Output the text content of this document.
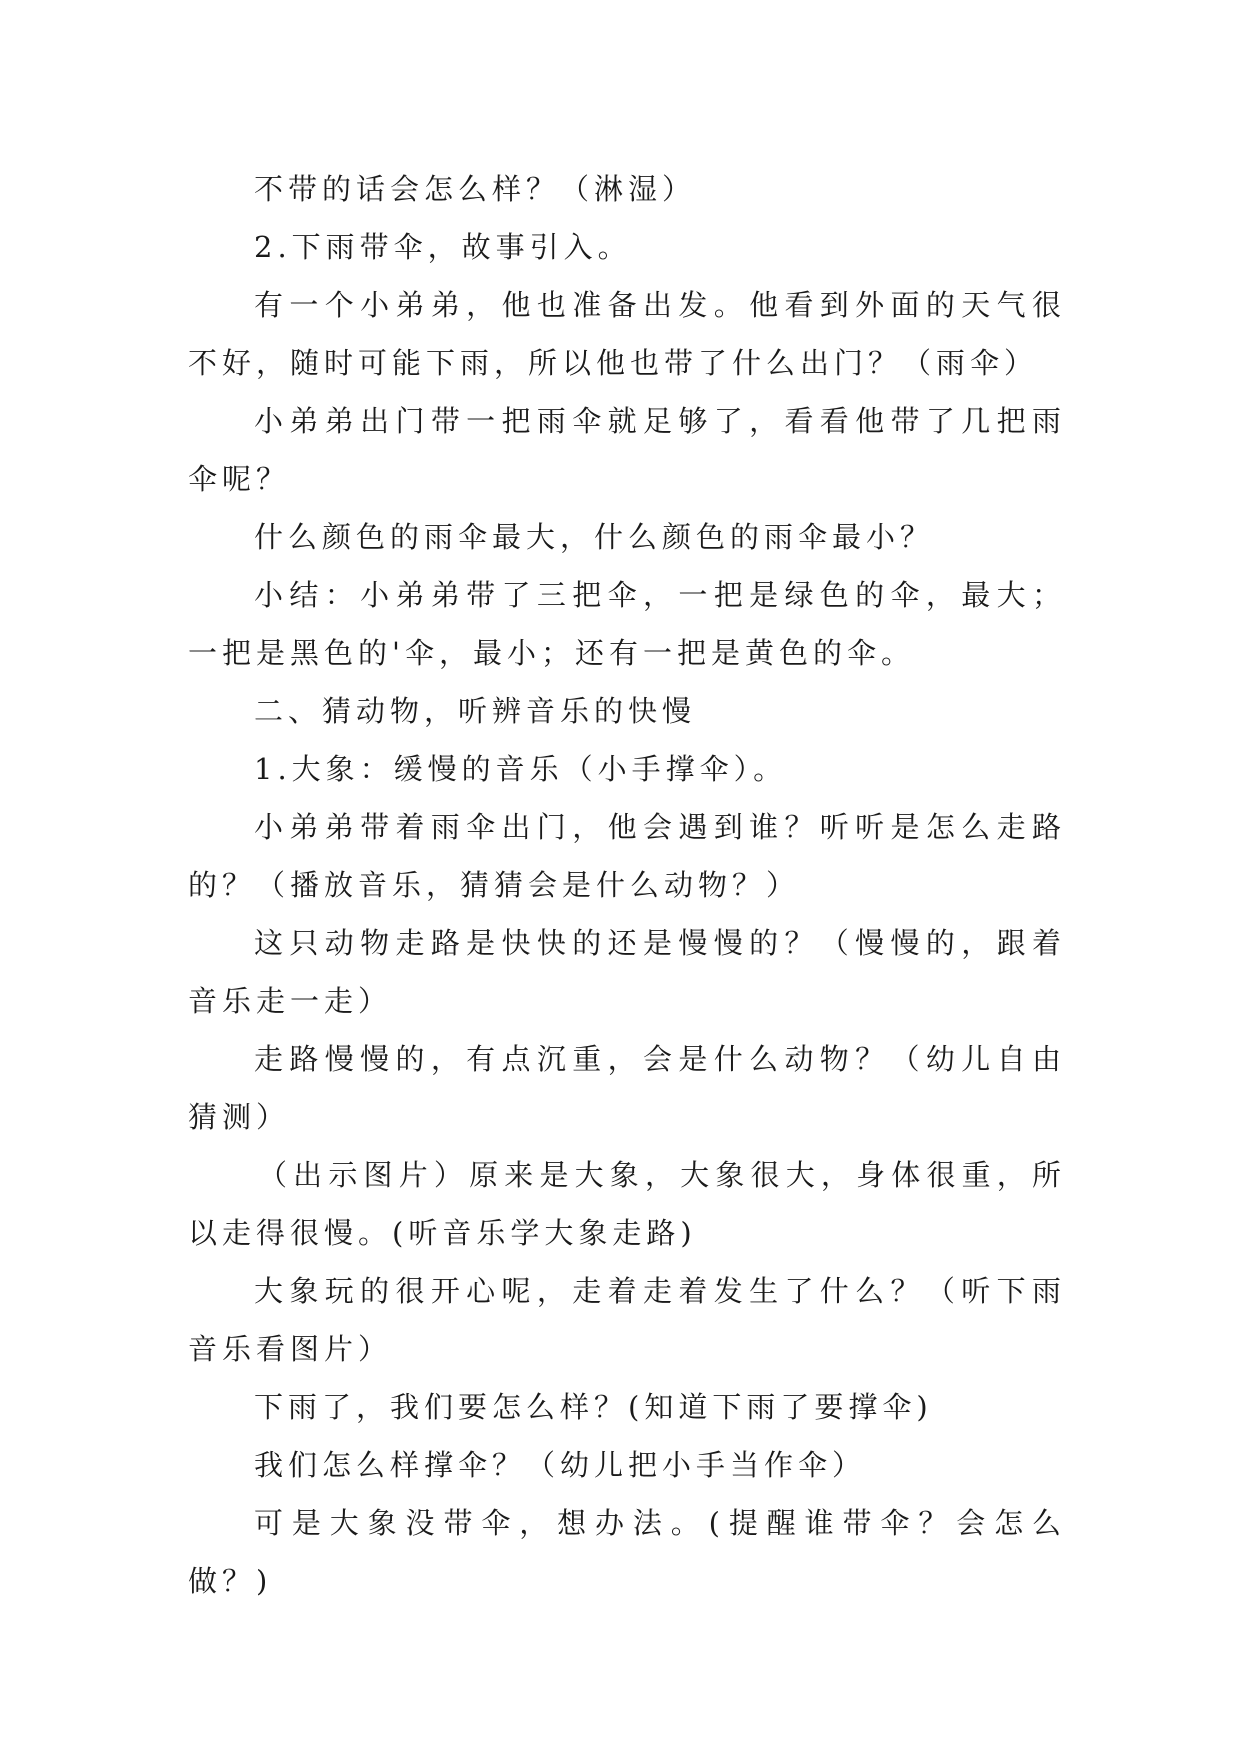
不带的话会怎么样？（淋湿）

2.下雨带伞，故事引入。

有一个小弟弟，他也准备出发。他看到外面的天气很不好，随时可能下雨，所以他也带了什么出门？（雨伞）

小弟弟出门带一把雨伞就足够了，看看他带了几把雨伞呢？

什么颜色的雨伞最大，什么颜色的雨伞最小？

小结：小弟弟带了三把伞，一把是绿色的伞，最大；一把是黑色的'伞，最小；还有一把是黄色的伞。

二、猜动物，听辨音乐的快慢

1.大象：缓慢的音乐（小手撑伞）。

小弟弟带着雨伞出门，他会遇到谁？听听是怎么走路的？（播放音乐，猜猜会是什么动物？）

这只动物走路是快快的还是慢慢的？（慢慢的，跟着音乐走一走）

走路慢慢的，有点沉重，会是什么动物？（幼儿自由猜测）

（出示图片）原来是大象，大象很大，身体很重，所以走得很慢。(听音乐学大象走路)

大象玩的很开心呢，走着走着发生了什么？（听下雨音乐看图片）

下雨了，我们要怎么样？(知道下雨了要撑伞)

我们怎么样撑伞？（幼儿把小手当作伞）

可是大象没带伞，想办法。(提醒谁带伞？会怎么做？)
